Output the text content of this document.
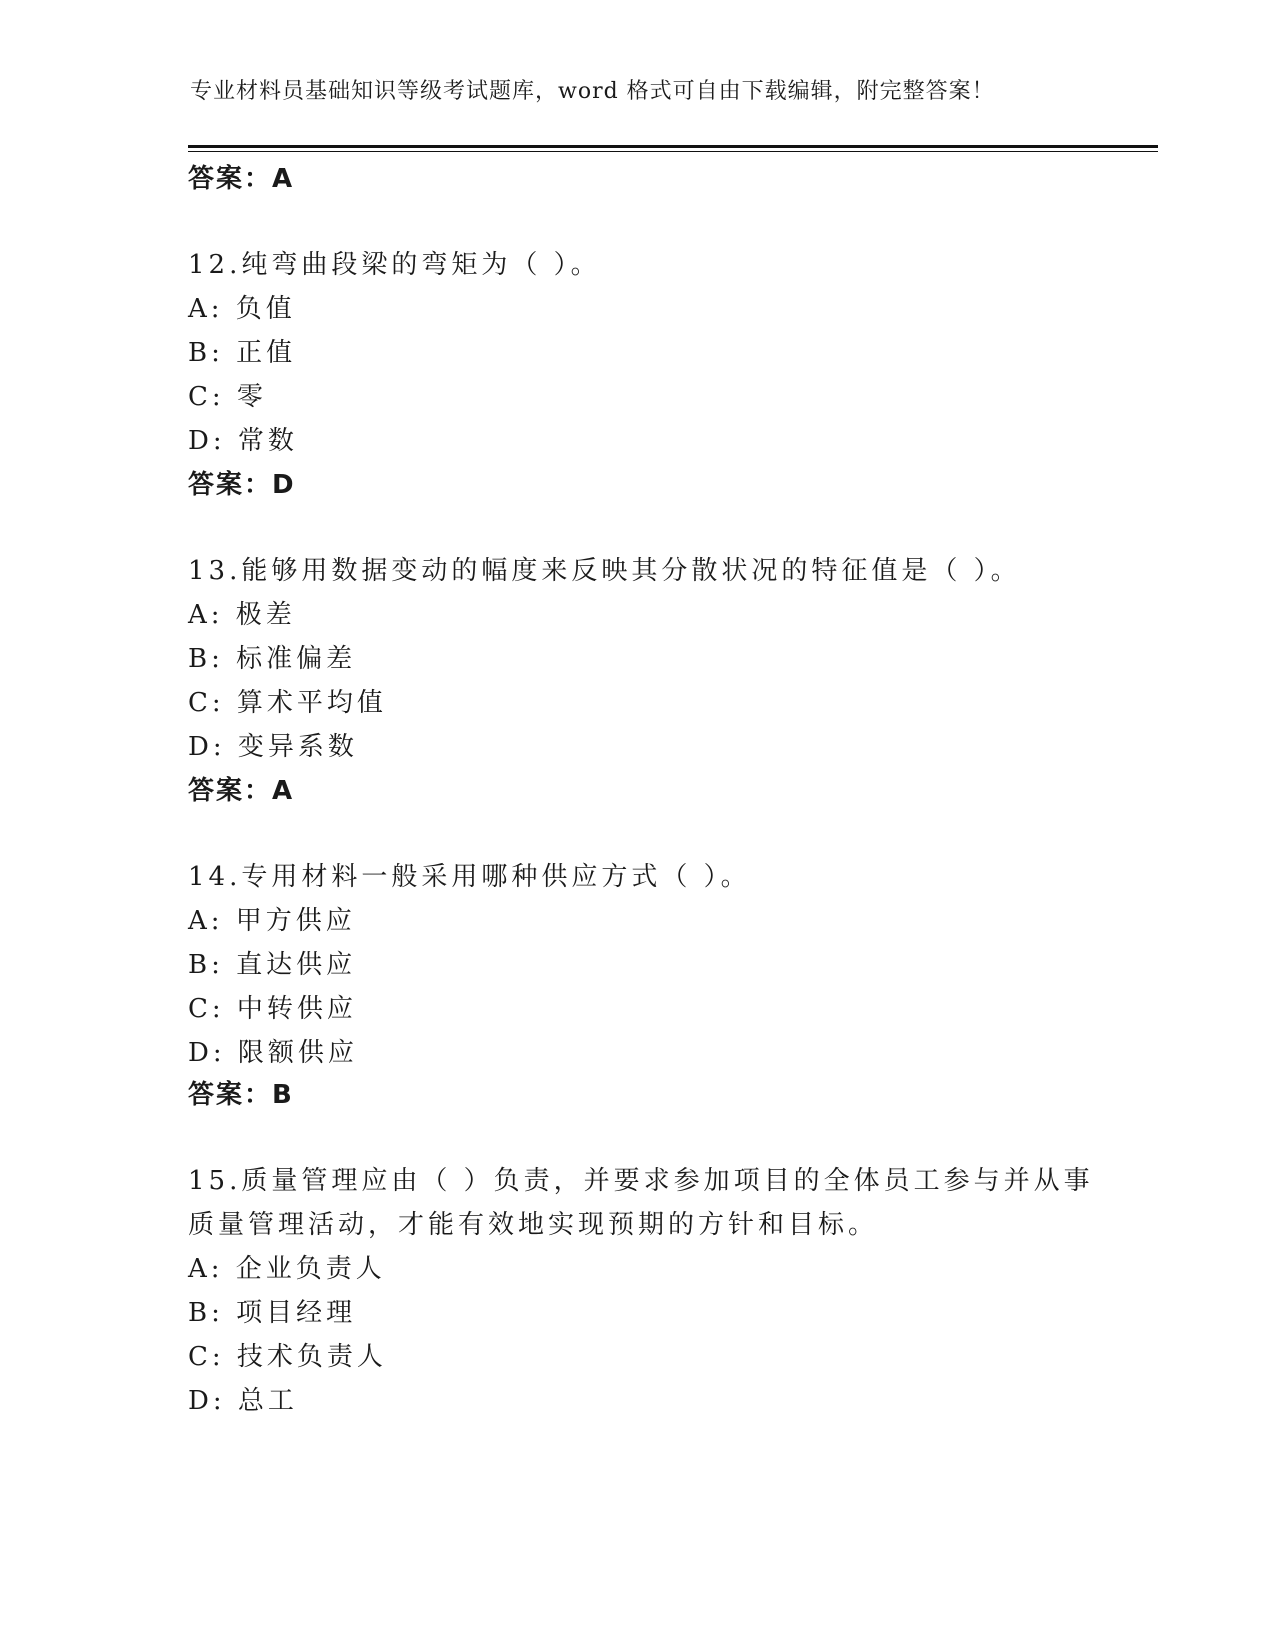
专业材料员基础知识等级考试题库，word 格式可自由下载编辑，附完整答案！
答案：A
12.纯弯曲段梁的弯矩为（ ）。
A: 负值
B: 正值
C: 零
D: 常数
答案：D
13.能够用数据变动的幅度来反映其分散状况的特征值是（ ）。
A: 极差
B: 标准偏差
C: 算术平均值
D: 变异系数
答案：A
14.专用材料一般采用哪种供应方式（ ）。
A: 甲方供应
B: 直达供应
C: 中转供应
D: 限额供应
答案：B
15.质量管理应由（ ）负责，并要求参加项目的全体员工参与并从事
质量管理活动，才能有效地实现预期的方针和目标。
A: 企业负责人
B: 项目经理
C: 技术负责人
D: 总工
